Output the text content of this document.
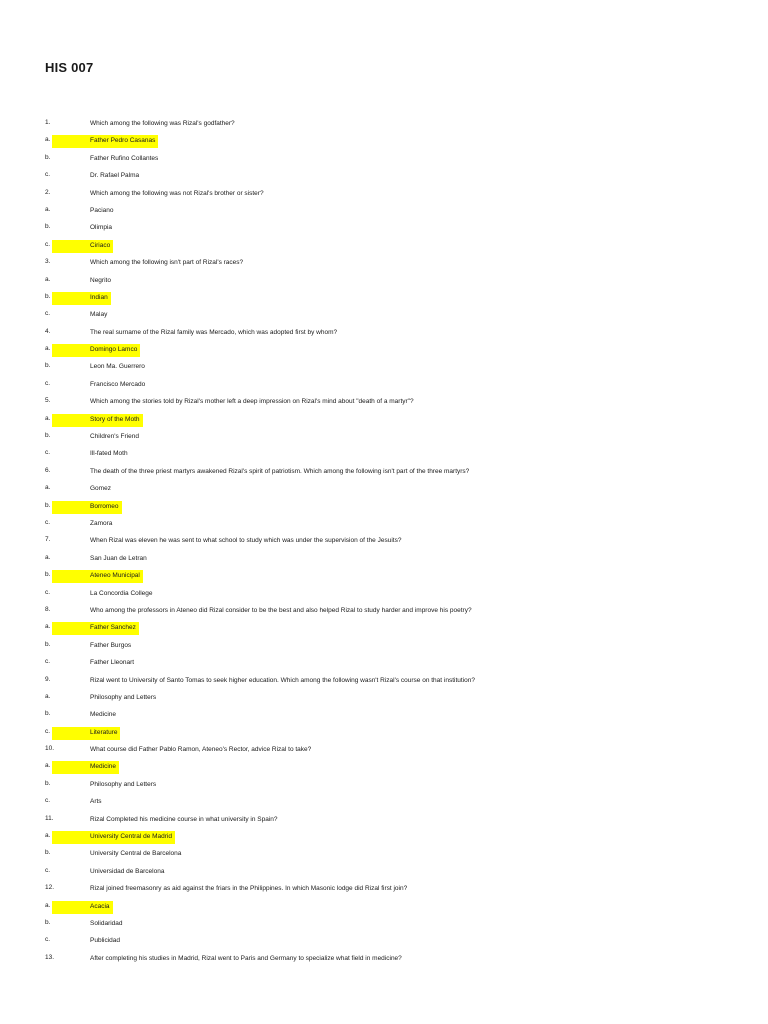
HIS 007
1.	Which among the following was Rizal's godfather?
a.	Father Pedro Casanas
b.	Father Rufino Collantes
c.	Dr. Rafael Palma
2.	Which among the following was not Rizal's brother or sister?
a.	Paciano
b.	Olimpia
c.	Ciriaco
3.	Which among the following isn't part of Rizal's races?
a.	Negrito
b.	Indian
c.	Malay
4.	The real surname of the Rizal family was Mercado, which was adopted first by whom?
a.	Domingo Lamco
b.	Leon Ma. Guerrero
c.	Francisco Mercado
5.	Which among the stories told by Rizal's mother left a deep impression on Rizal's mind about "death of a martyr"?
a.	Story of the Moth
b.	Children's Friend
c.	Ill-fated Moth
6.	The death of the three priest martyrs awakened Rizal's spirit of patriotism. Which among the following isn't part of the three martyrs?
a.	Gomez
b.	Borromeo
c.	Zamora
7.	When Rizal was eleven he was sent to what school to study which was under the supervision of the Jesuits?
a.	San Juan de Letran
b.	Ateneo Municipal
c.	La Concordia College
8.	Who among the professors in Ateneo did Rizal consider to be the best and also helped Rizal to study harder and improve his poetry?
a.	Father Sanchez
b.	Father Burgos
c.	Father Lleonart
9.	Rizal went to University of Santo Tomas to seek higher education. Which among the following wasn't Rizal's course on that institution?
a.	Philosophy and Letters
b.	Medicine
c.	Literature
10.	What course did Father Pablo Ramon, Ateneo's Rector, advice Rizal to take?
a.	Medicine
b.	Philosophy and Letters
c.	Arts
11.	Rizal Completed his medicine course in what university in Spain?
a.	University Central de Madrid
b.	University Central de Barcelona
c.	Universidad de Barcelona
12.	Rizal joined freemasonry as aid against the friars in the Philippines. In which Masonic lodge did Rizal first join?
a.	Acacia
b.	Solidaridad
c.	Publicidad
13.	After completing his studies in Madrid, Rizal went to Paris and Germany to specialize what field in medicine?
